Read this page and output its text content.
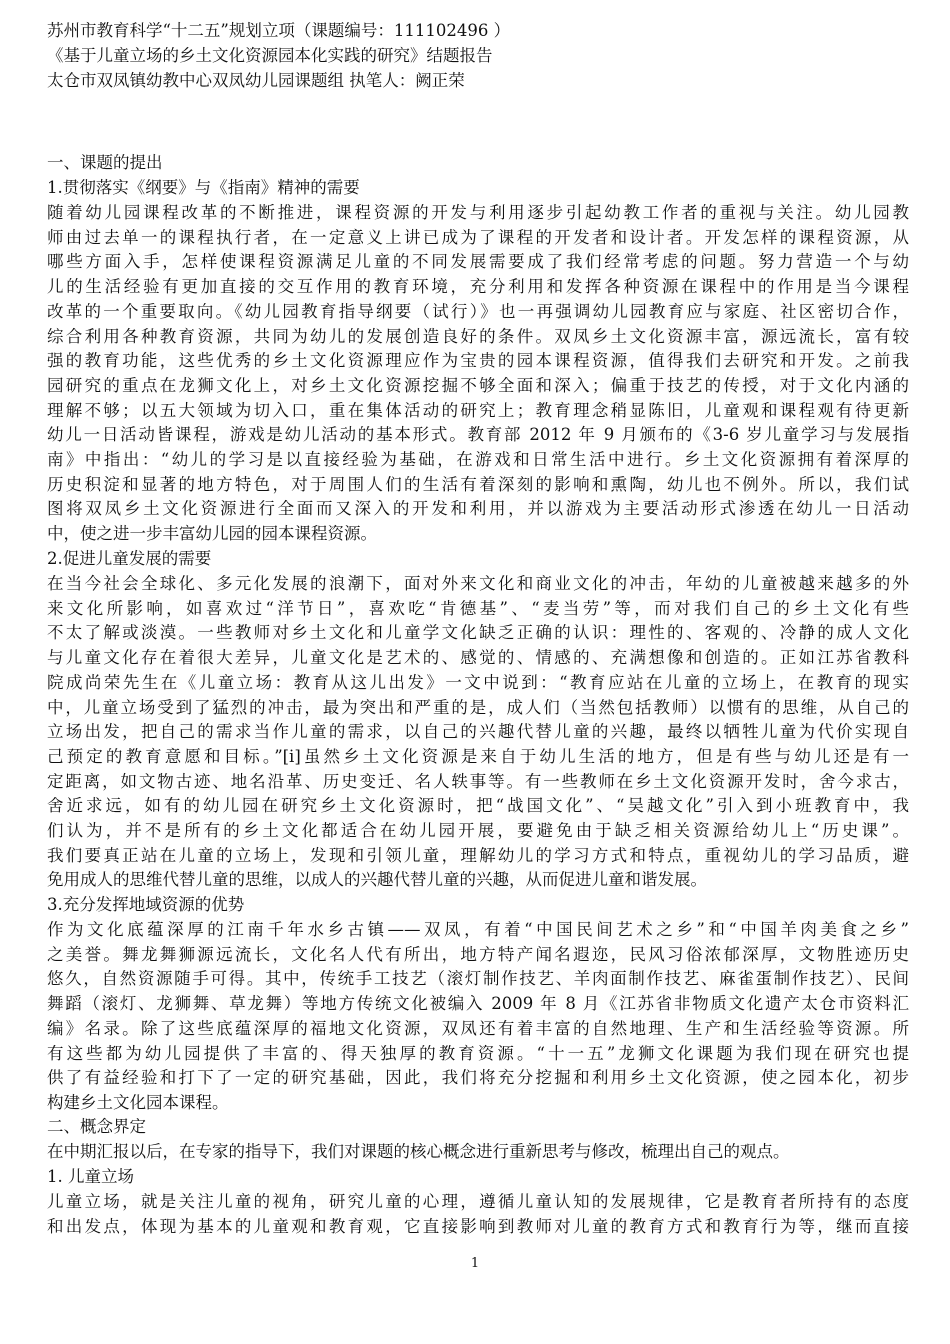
苏州市教育科学“十二五”规划立项（课题编号：111102496 ）
《基于儿童立场的乡土文化资源园本化实践的研究》结题报告
太仓市双凤镇幼教中心双凤幼儿园课题组 执笔人：阙正荣
一、课题的提出
1.贯彻落实《纲要》与《指南》精神的需要
随着幼儿园课程改革的不断推进，课程资源的开发与利用逐步引起幼教工作者的重视与关注。幼儿园教
师由过去单一的课程执行者，在一定意义上讲已成为了课程的开发者和设计者。开发怎样的课程资源，从
哪些方面入手，怎样使课程资源满足儿童的不同发展需要成了我们经常考虑的问题。努力营造一个与幼
儿的生活经验有更加直接的交互作用的教育环境，充分利用和发挥各种资源在课程中的作用是当今课程
改革的一个重要取向。《幼儿园教育指导纲要（试行）》也一再强调幼儿园教育应与家庭、社区密切合作，
综合利用各种教育资源，共同为幼儿的发展创造良好的条件。双凤乡土文化资源丰富，源远流长，富有较
强的教育功能，这些优秀的乡土文化资源理应作为宝贵的园本课程资源，值得我们去研究和开发。之前我
园研究的重点在龙狮文化上，对乡土文化资源挖掘不够全面和深入；偏重于技艺的传授，对于文化内涵的
理解不够；以五大领域为切入口，重在集体活动的研究上；教育理念稍显陈旧，儿童观和课程观有待更新
幼儿一日活动皆课程，游戏是幼儿活动的基本形式。教育部 2012 年 9 月颁布的《3-6 岁儿童学习与发展指
南》中指出：“幼儿的学习是以直接经验为基础，在游戏和日常生活中进行。乡土文化资源拥有着深厚的
历史积淀和显著的地方特色，对于周围人们的生活有着深刻的影响和熏陶，幼儿也不例外。所以，我们试
图将双凤乡土文化资源进行全面而又深入的开发和利用，并以游戏为主要活动形式渗透在幼儿一日活动
中，使之进一步丰富幼儿园的园本课程资源。
2.促进儿童发展的需要
在当今社会全球化、多元化发展的浪潮下，面对外来文化和商业文化的冲击，年幼的儿童被越来越多的外
来文化所影响，如喜欢过“洋节日”，喜欢吃“肯德基”、“麦当劳”等，而对我们自己的乡土文化有些
不太了解或淡漠。一些教师对乡土文化和儿童学文化缺乏正确的认识：理性的、客观的、冷静的成人文化
与儿童文化存在着很大差异，儿童文化是艺术的、感觉的、情感的、充满想像和创造的。正如江苏省教科
院成尚荣先生在《儿童立场：教育从这儿出发》一文中说到：“教育应站在儿童的立场上，在教育的现实
中，儿童立场受到了猛烈的冲击，最为突出和严重的是，成人们（当然包括教师）以惯有的思维，从自己的
立场出发，把自己的需求当作儿童的需求，以自己的兴趣代替儿童的兴趣，最终以牺牲儿童为代价实现自
己预定的教育意愿和目标。”[i]虽然乡土文化资源是来自于幼儿生活的地方，但是有些与幼儿还是有一
定距离，如文物古迹、地名沿革、历史变迁、名人轶事等。有一些教师在乡土文化资源开发时，舍今求古，
舍近求远，如有的幼儿园在研究乡土文化资源时，把“战国文化”、“吴越文化”引入到小班教育中，我
们认为，并不是所有的乡土文化都适合在幼儿园开展，要避免由于缺乏相关资源给幼儿上“历史课”。
我们要真正站在儿童的立场上，发现和引领儿童，理解幼儿的学习方式和特点，重视幼儿的学习品质，避
免用成人的思维代替儿童的思维，以成人的兴趣代替儿童的兴趣，从而促进儿童和谐发展。
3.充分发挥地域资源的优势
作为文化底蕴深厚的江南千年水乡古镇——双凤，有着“中国民间艺术之乡”和“中国羊肉美食之乡”
之美誉。舞龙舞狮源远流长，文化名人代有所出，地方特产闻名遐迩，民风习俗浓郁深厚，文物胜迹历史
悠久，自然资源随手可得。其中，传统手工技艺（滚灯制作技艺、羊肉面制作技艺、麻雀蛋制作技艺）、民间
舞蹈（滚灯、龙狮舞、草龙舞）等地方传统文化被编入 2009 年 8 月《江苏省非物质文化遗产太仓市资料汇
编》名录。除了这些底蕴深厚的福地文化资源，双凤还有着丰富的自然地理、生产和生活经验等资源。所
有这些都为幼儿园提供了丰富的、得天独厚的教育资源。“十一五”龙狮文化课题为我们现在研究也提
供了有益经验和打下了一定的研究基础，因此，我们将充分挖掘和利用乡土文化资源，使之园本化，初步
构建乡土文化园本课程。
二、概念界定
在中期汇报以后，在专家的指导下，我们对课题的核心概念进行重新思考与修改，梳理出自己的观点。
1. 儿童立场
儿童立场，就是关注儿童的视角，研究儿童的心理，遵循儿童认知的发展规律，它是教育者所持有的态度
和出发点，体现为基本的儿童观和教育观，它直接影响到教师对儿童的教育方式和教育行为等，继而直接
1
